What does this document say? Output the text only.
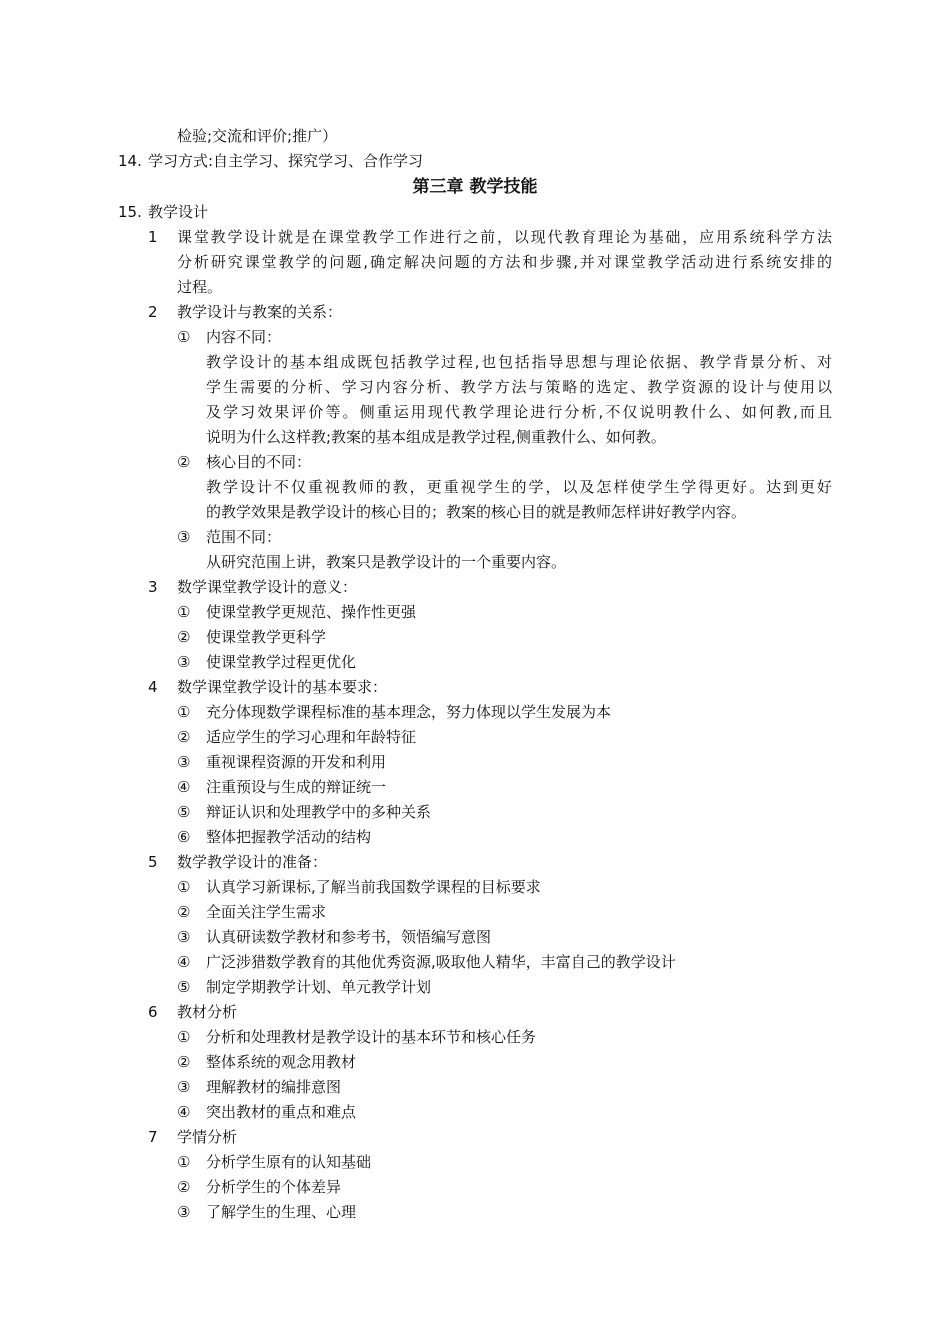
检验;交流和评价;推广）
14. 学习方式:自主学习、探究学习、合作学习
第三章 教学技能
15. 教学设计
1 课堂教学设计就是在课堂教学工作进行之前，以现代教育理论为基础，应用系统科学方法
分析研究课堂教学的问题,确定解决问题的方法和步骤,并对课堂教学活动进行系统安排的
过程。
2 教学设计与教案的关系：
① 内容不同：
教学设计的基本组成既包括教学过程,也包括指导思想与理论依据、教学背景分析、对
学生需要的分析、学习内容分析、教学方法与策略的选定、教学资源的设计与使用以
及学习效果评价等。侧重运用现代教学理论进行分析,不仅说明教什么、如何教,而且
说明为什么这样教;教案的基本组成是教学过程,侧重教什么、如何教。
② 核心目的不同：
教学设计不仅重视教师的教，更重视学生的学，以及怎样使学生学得更好。达到更好
的教学效果是教学设计的核心目的；教案的核心目的就是教师怎样讲好教学内容。
③ 范围不同：
从研究范围上讲，教案只是教学设计的一个重要内容。
3 数学课堂教学设计的意义：
① 使课堂教学更规范、操作性更强
② 使课堂教学更科学
③ 使课堂教学过程更优化
4 数学课堂教学设计的基本要求：
① 充分体现数学课程标准的基本理念，努力体现以学生发展为本
② 适应学生的学习心理和年龄特征
③ 重视课程资源的开发和利用
④ 注重预设与生成的辩证统一
⑤ 辩证认识和处理教学中的多种关系
⑥ 整体把握教学活动的结构
5 数学教学设计的准备：
① 认真学习新课标,了解当前我国数学课程的目标要求
② 全面关注学生需求
③ 认真研读数学教材和参考书，领悟编写意图
④ 广泛涉猎数学教育的其他优秀资源,吸取他人精华，丰富自己的教学设计
⑤ 制定学期教学计划、单元教学计划
6 教材分析
① 分析和处理教材是教学设计的基本环节和核心任务
② 整体系统的观念用教材
③ 理解教材的编排意图
④ 突出教材的重点和难点
7 学情分析
① 分析学生原有的认知基础
② 分析学生的个体差异
③ 了解学生的生理、心理
